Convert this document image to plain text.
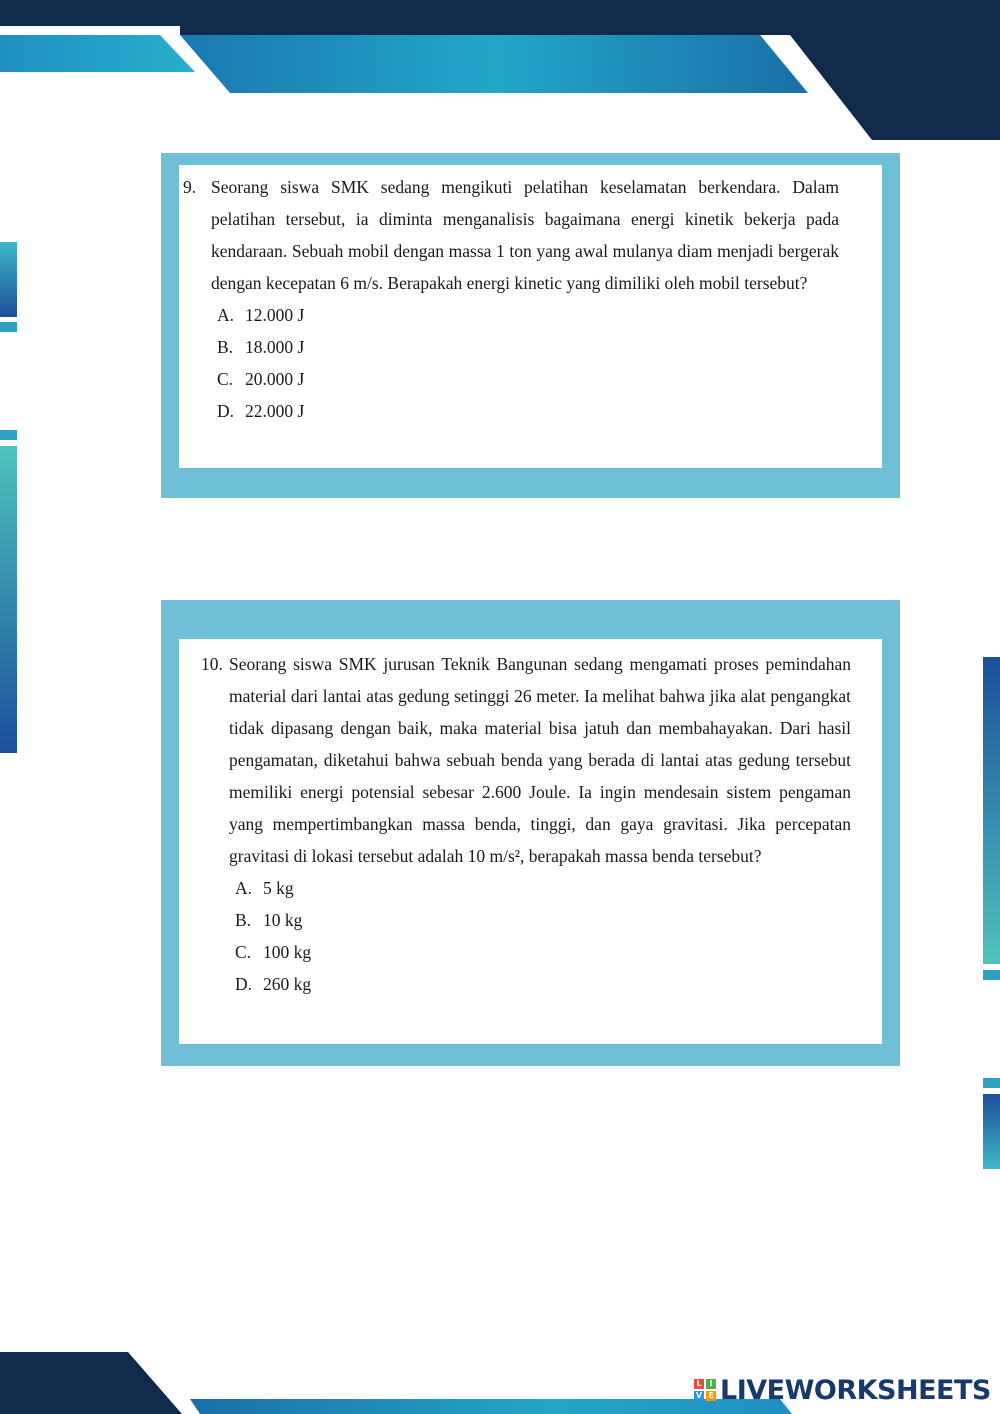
9. Seorang siswa SMK sedang mengikuti pelatihan keselamatan berkendara. Dalam pelatihan tersebut, ia diminta menganalisis bagaimana energi kinetik bekerja pada kendaraan. Sebuah mobil dengan massa 1 ton yang awal mulanya diam menjadi bergerak dengan kecepatan 6 m/s. Berapakah energi kinetic yang dimiliki oleh mobil tersebut?
A. 12.000 J
B. 18.000 J
C. 20.000 J
D. 22.000 J
10. Seorang siswa SMK jurusan Teknik Bangunan sedang mengamati proses pemindahan material dari lantai atas gedung setinggi 26 meter. Ia melihat bahwa jika alat pengangkat tidak dipasang dengan baik, maka material bisa jatuh dan membahayakan. Dari hasil pengamatan, diketahui bahwa sebuah benda yang berada di lantai atas gedung tersebut memiliki energi potensial sebesar 2.600 Joule. Ia ingin mendesain sistem pengaman yang mempertimbangkan massa benda, tinggi, dan gaya gravitasi. Jika percepatan gravitasi di lokasi tersebut adalah 10 m/s², berapakah massa benda tersebut?
A. 5 kg
B. 10 kg
C. 100 kg
D. 260 kg
L I
V E LIVEWORKSHEETS
